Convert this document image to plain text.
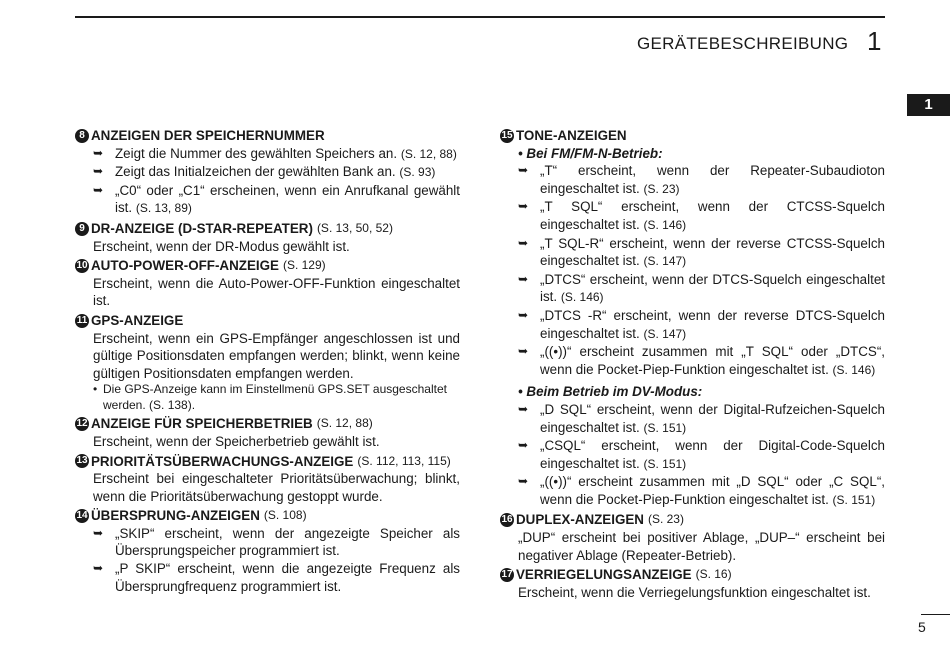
GERÄTEBESCHREIBUNG 1
1
8 ANZEIGEN DER SPEICHERNUMMER
➥ Zeigt die Nummer des gewählten Speichers an. (S. 12, 88)
➥ Zeigt das Initialzeichen der gewählten Bank an. (S. 93)
➥ „C0“ oder „C1“ erscheinen, wenn ein Anrufkanal gewählt ist. (S. 13, 89)
9 DR-ANZEIGE (D-STAR-REPEATER) (S. 13, 50, 52)
Erscheint, wenn der DR-Modus gewählt ist.
10 AUTO-POWER-OFF-ANZEIGE (S. 129)
Erscheint, wenn die Auto-Power-OFF-Funktion eingeschaltet ist.
11 GPS-ANZEIGE
Erscheint, wenn ein GPS-Empfänger angeschlossen ist und gültige Positionsdaten empfangen werden; blinkt, wenn keine gültigen Positionsdaten empfangen werden.
• Die GPS-Anzeige kann im Einstellmenü GPS.SET ausgeschaltet werden. (S. 138).
12 ANZEIGE FÜR SPEICHERBETRIEB (S. 12, 88)
Erscheint, wenn der Speicherbetrieb gewählt ist.
13 PRIORITÄTSÜBERWACHUNGS-ANZEIGE (S. 112, 113, 115)
Erscheint bei eingeschalteter Prioritätsüberwachung; blinkt, wenn die Prioritätsüberwachung gestoppt wurde.
14 ÜBERSPRUNG-ANZEIGEN (S. 108)
➥ „SKIP“ erscheint, wenn der angezeigte Speicher als Übersprungspeicher programmiert ist.
➥ „P SKIP“ erscheint, wenn die angezeigte Frequenz als Übersprungfrequenz programmiert ist.
15 TONE-ANZEIGEN
• Bei FM/FM-N-Betrieb:
➥ „T“ erscheint, wenn der Repeater-Subaudioton eingeschaltet ist. (S. 23)
➥ „T SQL“ erscheint, wenn der CTCSS-Squelch eingeschaltet ist. (S. 146)
➥ „T SQL-R“ erscheint, wenn der reverse CTCSS-Squelch eingeschaltet ist. (S. 147)
➥ „DTCS“ erscheint, wenn der DTCS-Squelch eingeschaltet ist. (S. 146)
➥ „DTCS -R“ erscheint, wenn der reverse DTCS-Squelch eingeschaltet ist. (S. 147)
➥ „((•))“ erscheint zusammen mit „T SQL“ oder „DTCS“, wenn die Pocket-Piep-Funktion eingeschaltet ist. (S. 146)
• Beim Betrieb im DV-Modus:
➥ „D SQL“ erscheint, wenn der Digital-Rufzeichen-Squelch eingeschaltet ist. (S. 151)
➥ „CSQL“ erscheint, wenn der Digital-Code-Squelch eingeschaltet ist. (S. 151)
➥ „((•))“ erscheint zusammen mit „D SQL“ oder „C SQL“, wenn die Pocket-Piep-Funktion eingeschaltet ist. (S. 151)
16 DUPLEX-ANZEIGEN (S. 23)
„DUP“ erscheint bei positiver Ablage, „DUP–“ erscheint bei negativer Ablage (Repeater-Betrieb).
17 VERRIEGELUNGSANZEIGE (S. 16)
Erscheint, wenn die Verriegelungsfunktion eingeschaltet ist.
5
